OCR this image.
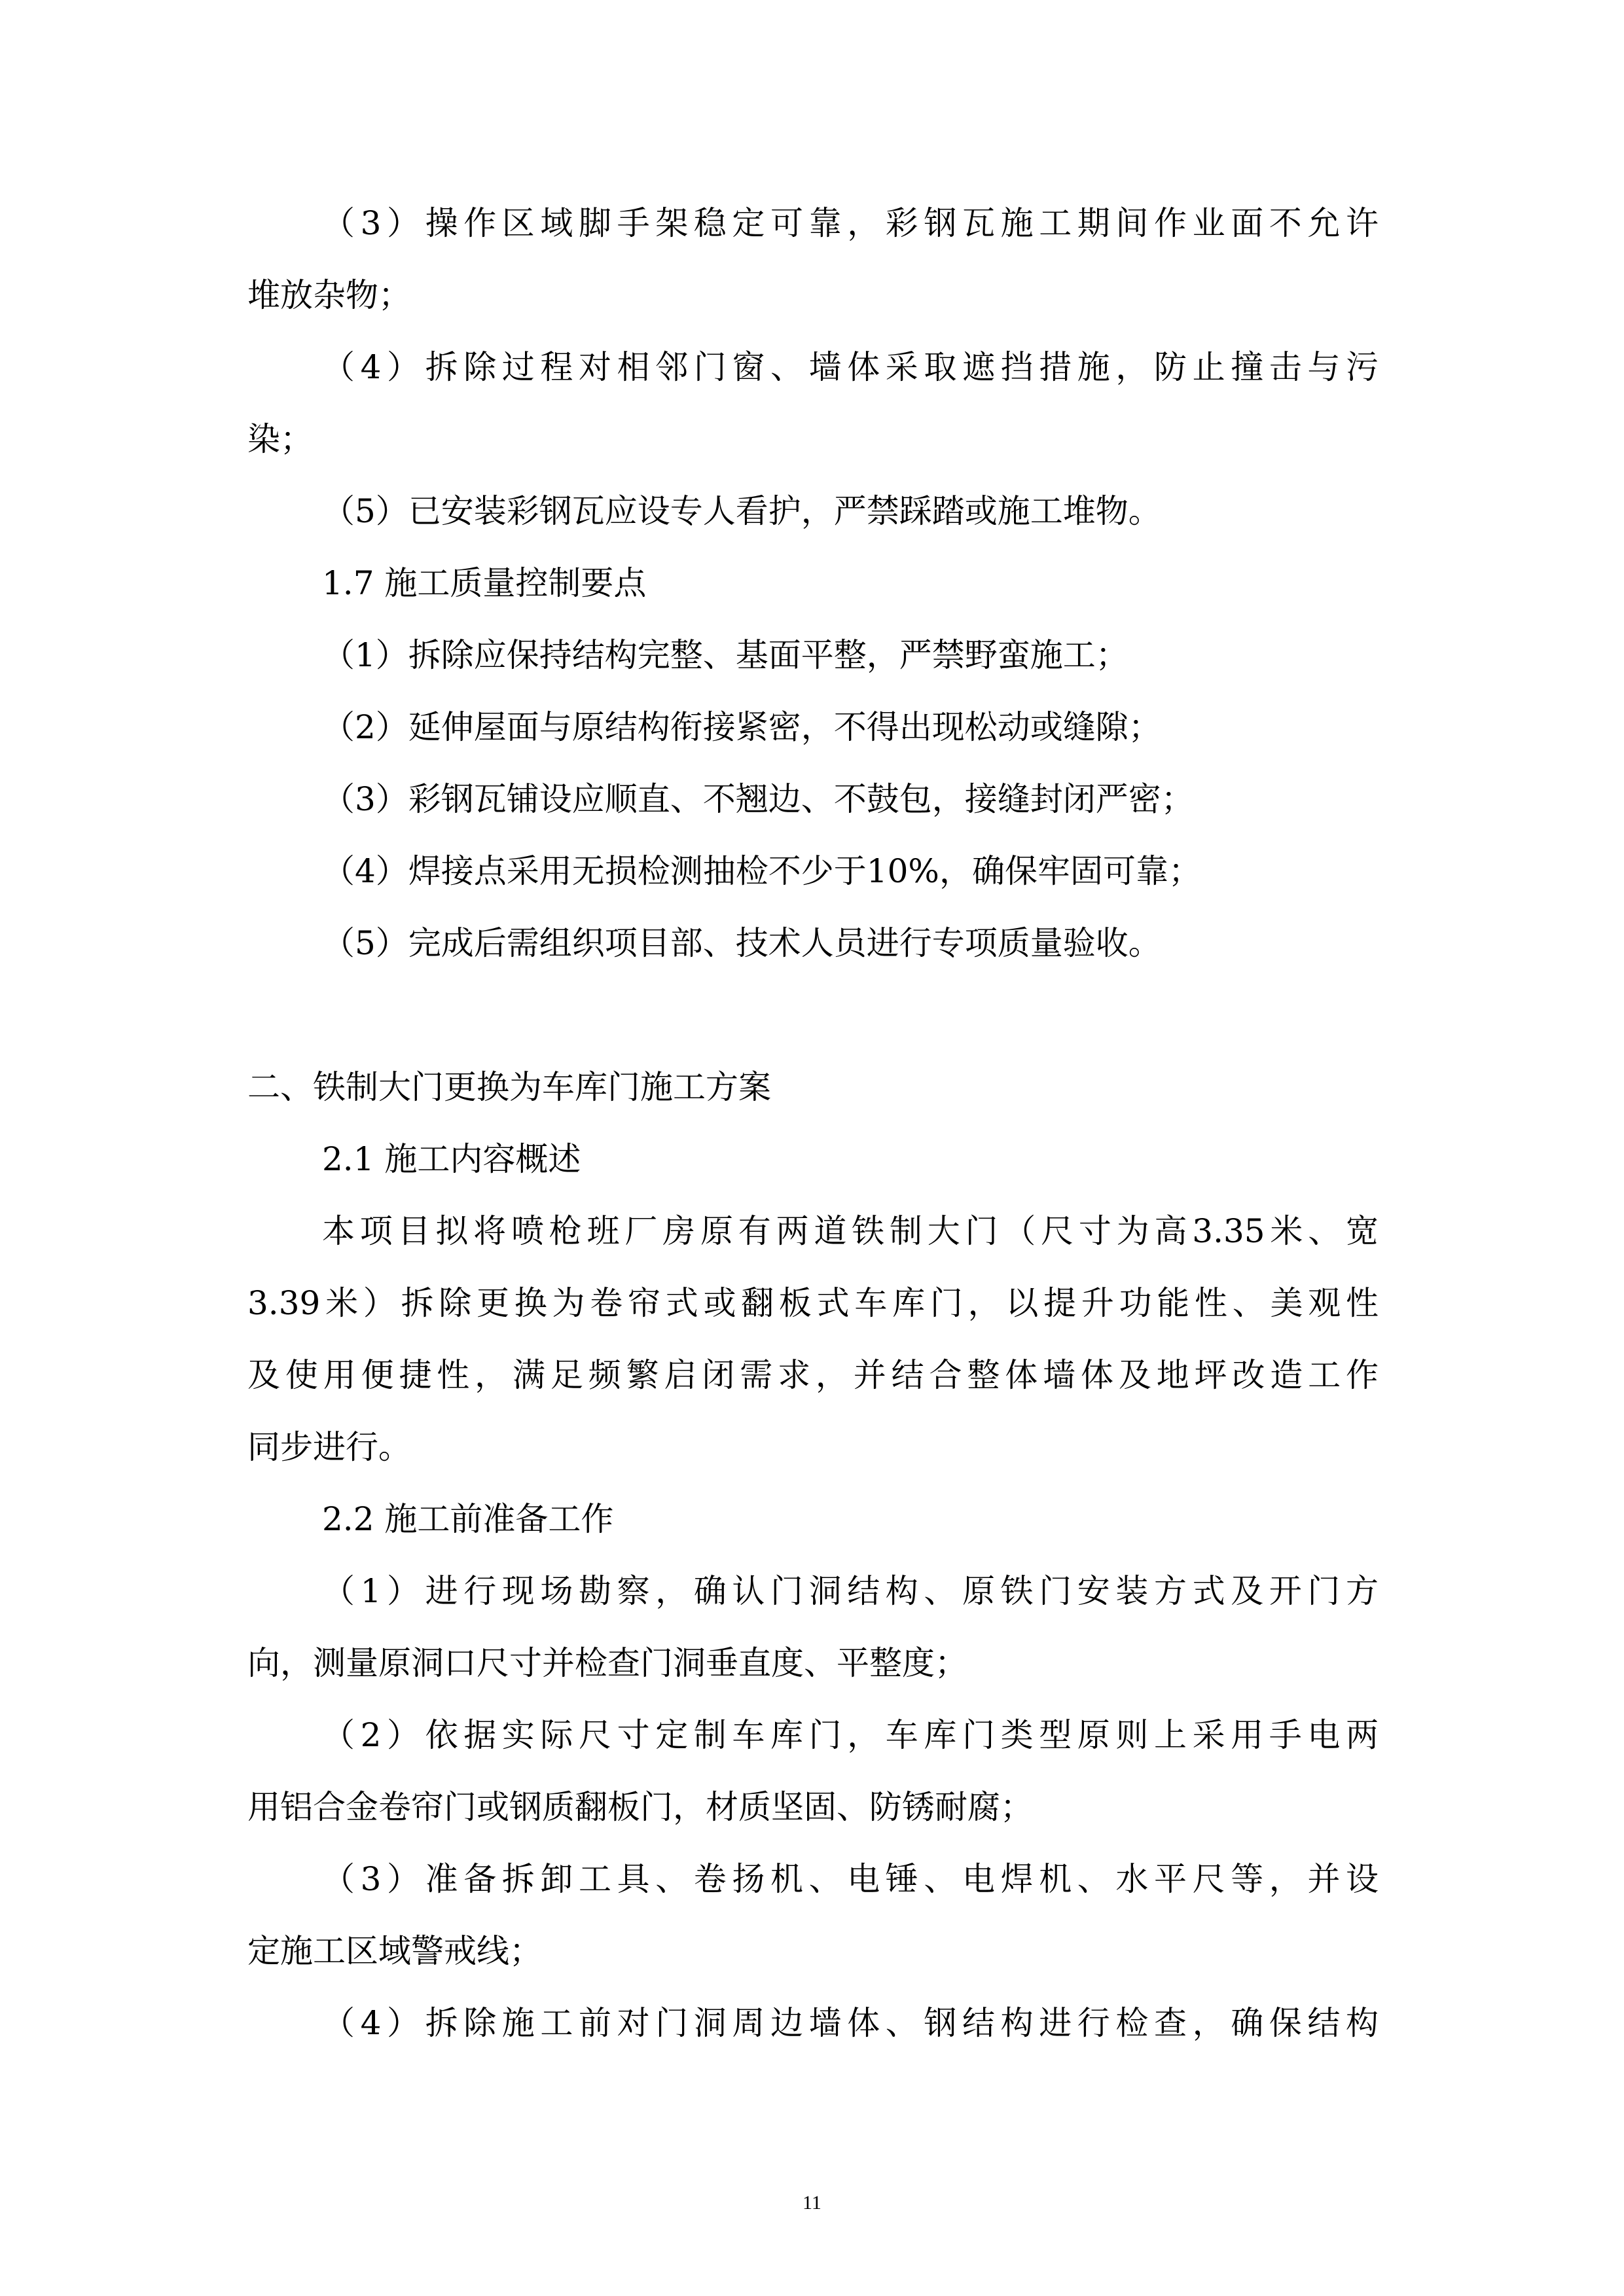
（3）操作区域脚手架稳定可靠，彩钢瓦施工期间作业面不允许
堆放杂物；
（4）拆除过程对相邻门窗、墙体采取遮挡措施，防止撞击与污
染；
（5）已安装彩钢瓦应设专人看护，严禁踩踏或施工堆物。
1.7 施工质量控制要点
（1）拆除应保持结构完整、基面平整，严禁野蛮施工；
（2）延伸屋面与原结构衔接紧密，不得出现松动或缝隙；
（3）彩钢瓦铺设应顺直、不翘边、不鼓包，接缝封闭严密；
（4）焊接点采用无损检测抽检不少于10%，确保牢固可靠；
（5）完成后需组织项目部、技术人员进行专项质量验收。
二、铁制大门更换为车库门施工方案
2.1 施工内容概述
本项目拟将喷枪班厂房原有两道铁制大门（尺寸为高3.35米、宽
3.39米）拆除更换为卷帘式或翻板式车库门，以提升功能性、美观性
及使用便捷性，满足频繁启闭需求，并结合整体墙体及地坪改造工作
同步进行。
2.2 施工前准备工作
（1）进行现场勘察，确认门洞结构、原铁门安装方式及开门方
向，测量原洞口尺寸并检查门洞垂直度、平整度；
（2）依据实际尺寸定制车库门，车库门类型原则上采用手电两
用铝合金卷帘门或钢质翻板门，材质坚固、防锈耐腐；
（3）准备拆卸工具、卷扬机、电锤、电焊机、水平尺等，并设
定施工区域警戒线；
（4）拆除施工前对门洞周边墙体、钢结构进行检查，确保结构
11
